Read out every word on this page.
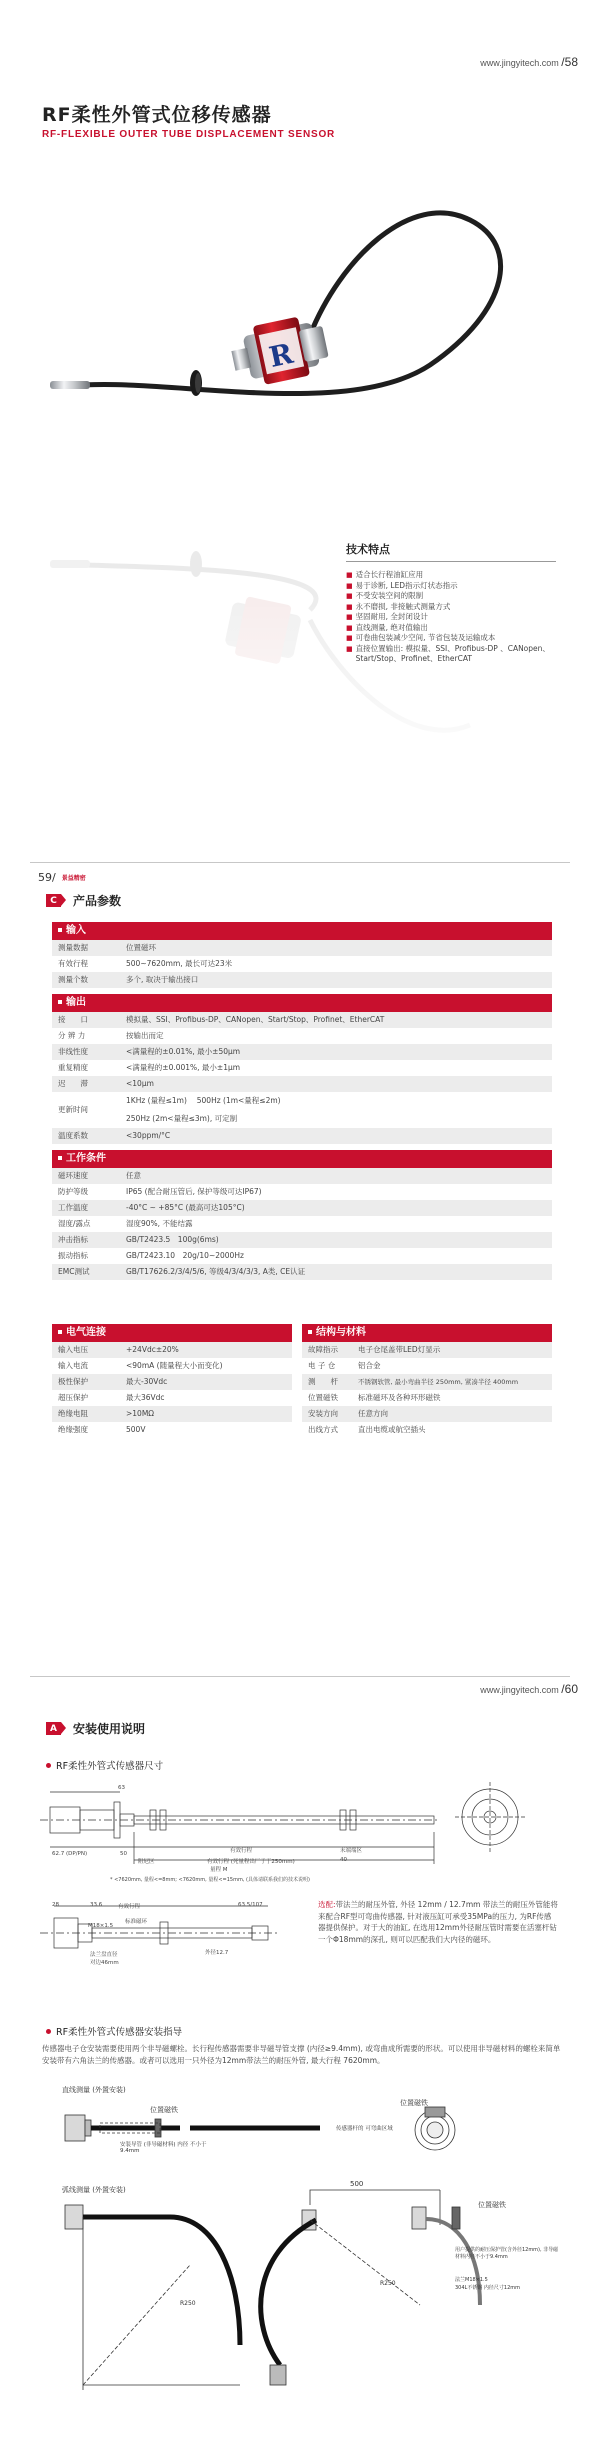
www.jingyitech.com /58
RF柔性外管式位移传感器
RF-FLEXIBLE OUTER TUBE DISPLACEMENT SENSOR
R
技术特点
■ 适合长行程油缸应用
■ 易于诊断, LED指示灯状态指示
■ 不受安装空间的限制
■ 永不磨损, 非接触式测量方式
■ 坚固耐用, 全封闭设计
■ 直线测量, 绝对值输出
■ 可卷曲包装减少空间, 节省包装及运输成本
■ 直接位置输出: 模拟量、SSI、Profibus-DP 、CANopen、Start/Stop、Profinet、EtherCAT
59/ 景益精密
C	产品参数
输入	
测量数据	位置磁环
有效行程	500~7620mm, 最长可达23米
测量个数	多个, 取决于输出接口

输出	
接　　口	模拟量、SSI、Profibus-DP、CANopen、Start/Stop、Profinet、EtherCAT
分 辨 力	按输出而定
非线性度	<满量程的±0.01%, 最小±50μm
重复精度	<满量程的±0.001%, 最小±1μm
迟　　滞	<10μm
更新时间	1KHz (量程≤1m)　 500Hz (1m<量程≤2m)
250Hz (2m<量程≤3m), 可定制

温度系数	<30ppm/°C

工作条件	
磁环速度	任意
防护等级	IP65 (配合耐压管后, 保护等级可达IP67)
工作温度	-40°C ~ +85°C (最高可达105°C)
湿度/露点	湿度90%, 不能结露
冲击指标	GB/T2423.5　100g(6ms)
振动指标	GB/T2423.10　20g/10~2000Hz
EMC测试	GB/T17626.2/3/4/5/6, 等级4/3/4/3/3, A类, CE认证
电气连接	
输入电压	+24Vdc±20%
输入电流	<90mA (随量程大小而变化)
极性保护	最大-30Vdc
超压保护	最大36Vdc
绝缘电阻	>10MΩ
绝缘强度	500V
结构与材料	
故障指示	电子仓尾盖带LED灯显示
电 子 仓	铝合金
测　　杆	不锈钢软管, 最小弯曲半径 250mm, 紧凑半径 400mm
位置磁铁	标准磁环及各种环形磁铁
安装方向	任意方向
出线方式	直出电缆或航空插头
www.jingyitech.com /60
A	安装使用说明
RF柔性外管式传感器尺寸
62.7 (DP/PN)	50
阻尼区
有效行程	未端端区
63
40
有效行程 (死量程出厂于于250mm)
量程 M
* <7620mm, 量程<=8mm; <7620mm, 量程<=15mm, (具体请联系我们的技术说明)
28	33.6	有效行程	63.5/107
M18×1.5
标准磁环
法兰盘直径
对边46mm
外径12.7
选配:带法兰的耐压外管, 外径 12mm / 12.7mm 带法兰的耐压外管能将来配合RF型可弯曲传感器, 针对液压缸可承受35MPa的压力, 为RF传感器提供保护。对于大的油缸, 在选用12mm外径耐压管时需要在活塞杆钻一个Φ18mm的深孔, 则可以匹配我们大内径的磁环。
RF柔性外管式传感器安装指导
传感器电子仓安装需要使用两个非导磁螺栓。长行程传感器需要非导磁导管支撑 (内径≥9.4mm), 或弯曲成所需要的形状。可以使用非导磁材料的螺栓来简单安装带有六角法兰的传感器。或者可以选用一只外径为12mm带法兰的耐压外管, 最大行程 7620mm。
直线测量 (外置安装)
弧线测量 (外置安装)
位置磁铁
安装导管 (非导磁材料) 内径 不小于9.4mm
位置磁铁
传感器杆的 可弯曲区域
500
位置磁铁
用户提供的耐压保护管(含外径12mm), 非导磁材料内径不小于9.4mm
法兰M18×1.5
304L不锈钢 内径尺寸12mm
R250
R250
